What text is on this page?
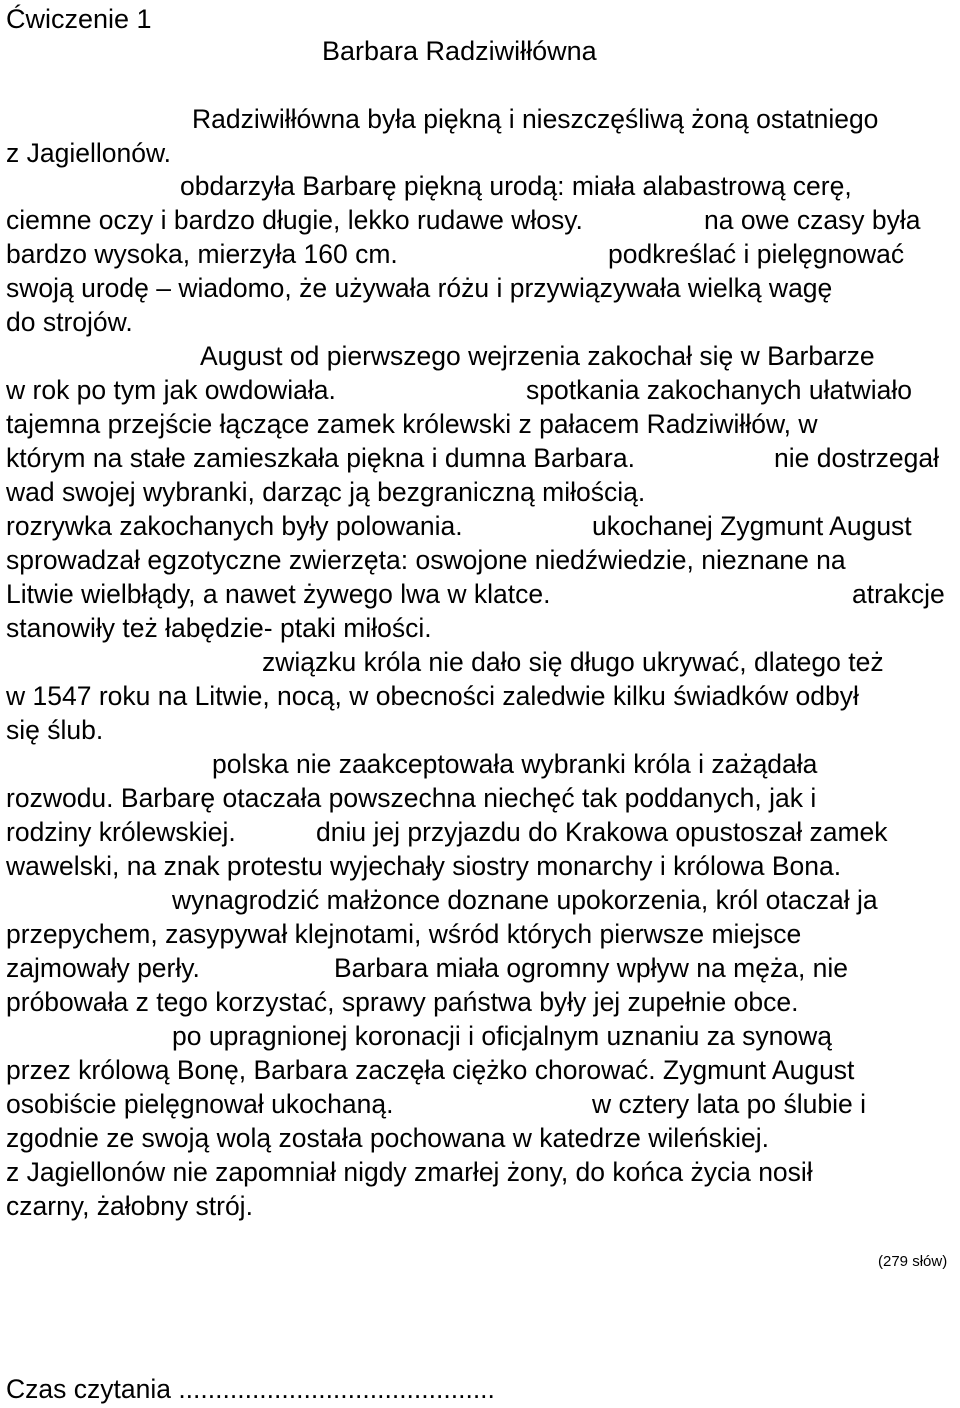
Ćwiczenie 1
Barbara Radziwiłłówna
Radziwiłłówna była piękną i nieszczęśliwą żoną ostatniego
z Jagiellonów.
obdarzyła Barbarę piękną urodą: miała alabastrową cerę,
ciemne oczy i bardzo długie, lekko rudawe włosy.	na owe czasy była
bardzo wysoka, mierzyła 160 cm.	podkreślać i pielęgnować
swoją urodę – wiadomo, że używała różu i przywiązywała wielką wagę
do strojów.
August od pierwszego wejrzenia zakochał się w Barbarze
w rok po tym jak owdowiała.	spotkania zakochanych ułatwiało
tajemna przejście łączące zamek królewski z pałacem Radziwiłłów, w
którym na stałe zamieszkała piękna i dumna Barbara.	nie dostrzegał
wad swojej wybranki, darząc ją bezgraniczną miłością.
rozrywka zakochanych były polowania.	ukochanej Zygmunt August
sprowadzał egzotyczne zwierzęta: oswojone niedźwiedzie, nieznane na
Litwie wielbłądy, a nawet żywego lwa w klatce.	atrakcje
stanowiły też łabędzie- ptaki miłości.
związku króla nie dało się długo ukrywać, dlatego też
w 1547 roku na Litwie, nocą, w obecności zaledwie kilku świadków odbył
się ślub.
polska nie zaakceptowała wybranki króla i zażądała
rozwodu. Barbarę otaczała powszechna niechęć tak poddanych, jak i
rodziny królewskiej.	dniu jej przyjazdu do Krakowa opustoszał zamek
wawelski, na znak protestu wyjechały siostry monarchy i królowa Bona.
wynagrodzić małżonce doznane upokorzenia, król otaczał ja
przepychem, zasypywał klejnotami, wśród których pierwsze miejsce
zajmowały perły.	Barbara miała ogromny wpływ na męża, nie
próbowała z tego korzystać, sprawy państwa były jej zupełnie obce.
po upragnionej koronacji i oficjalnym uznaniu za synową
przez królową Bonę, Barbara zaczęła ciężko chorować. Zygmunt August
osobiście pielęgnował ukochaną.	w cztery lata po ślubie i
zgodnie ze swoją wolą została pochowana w katedrze wileńskiej.
z Jagiellonów nie zapomniał nigdy zmarłej żony, do końca życia nosił
czarny, żałobny strój.
(279 słów)
Czas czytania ...........................................
